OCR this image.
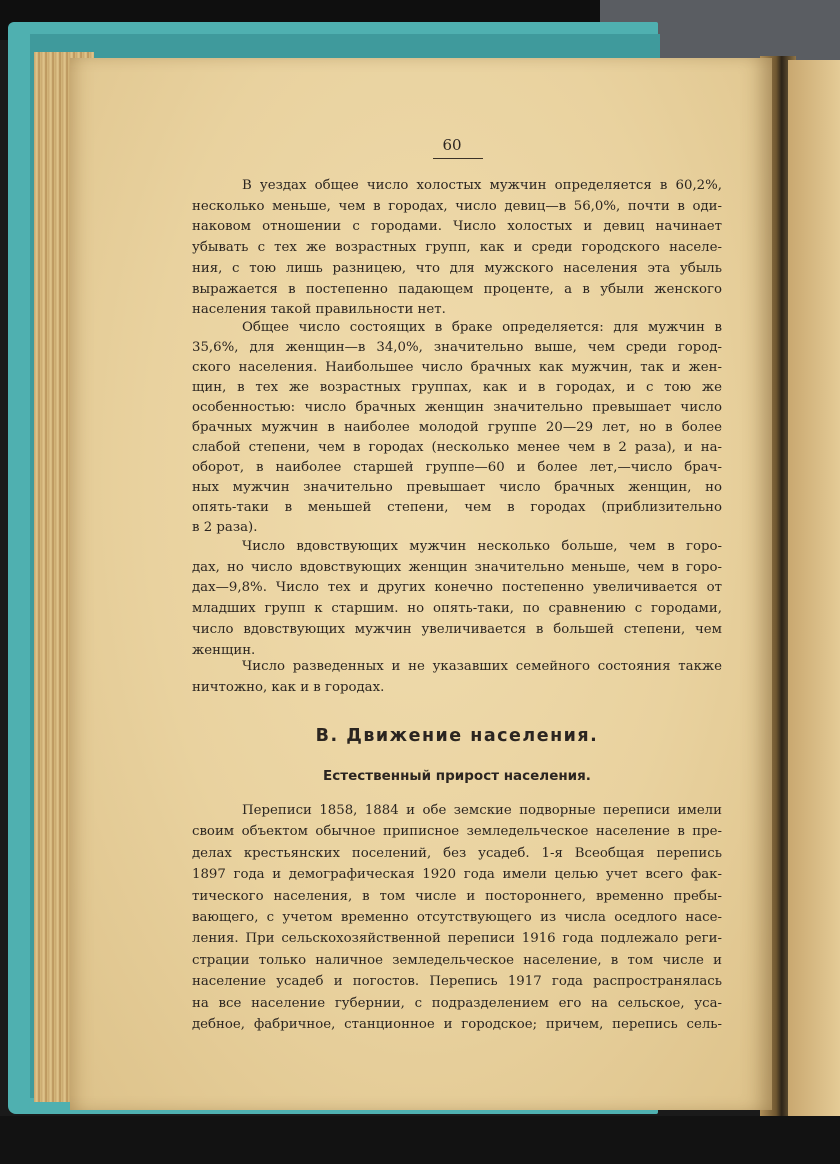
60
В уездах общее число холостых мужчин определяется в 60,2%,
несколько меньше, чем в городах, число девиц—в 56,0%, почти в оди-
наковом отношении с городами. Число холостых и девиц начинает
убывать с тех же возрастных групп, как и среди городского населе-
ния, с тою лишь разницею, что для мужского населения эта убыль
выражается в постепенно падающем проценте, а в убыли женского
населения такой правильности нет.
Общее число состоящих в браке определяется: для мужчин в
35,6%, для женщин—в 34,0%, значительно выше, чем среди город-
ского населения. Наибольшее число брачных как мужчин, так и жен-
щин, в тех же возрастных группах, как и в городах, и с тою же
особенностью: число брачных женщин значительно превышает число
брачных мужчин в наиболее молодой группе 20—29 лет, но в более
слабой степени, чем в городах (несколько менее чем в 2 раза), и на-
оборот, в наиболее старшей группе—60 и более лет,—число брач-
ных мужчин значительно превышает число брачных женщин, но
опять-таки в меньшей степени, чем в городах (приблизительно
в 2 раза).
Число вдовствующих мужчин несколько больше, чем в горо-
дах, но число вдовствующих женщин значительно меньше, чем в горо-
дах—9,8%. Число тех и других конечно постепенно увеличивается от
младших групп к старшим. но опять-таки, по сравнению с городами,
число вдовствующих мужчин увеличивается в большей степени, чем
женщин.
Число разведенных и не указавших семейного состояния также
ничтожно, как и в городах.

В. Движение населения.

Естественный прирост населения.

Переписи 1858, 1884 и обе земские подворные переписи имели
своим объектом обычное приписное земледельческое население в пре-
делах крестьянских поселений, без усадеб. 1-я Всеобщая перепись
1897 года и демографическая 1920 года имели целью учет всего фак-
тического населения, в том числе и постороннего, временно пребы-
вающего, с учетом временно отсутствующего из числа оседлого насе-
ления. При сельскохозяйственной переписи 1916 года подлежало реги-
страции только наличное земледельческое население, в том числе и
население усадеб и погостов. Перепись 1917 года распространялась
на все население губернии, с подразделением его на сельское, уса-
дебное, фабричное, станционное и городское; причем, перепись сель-
